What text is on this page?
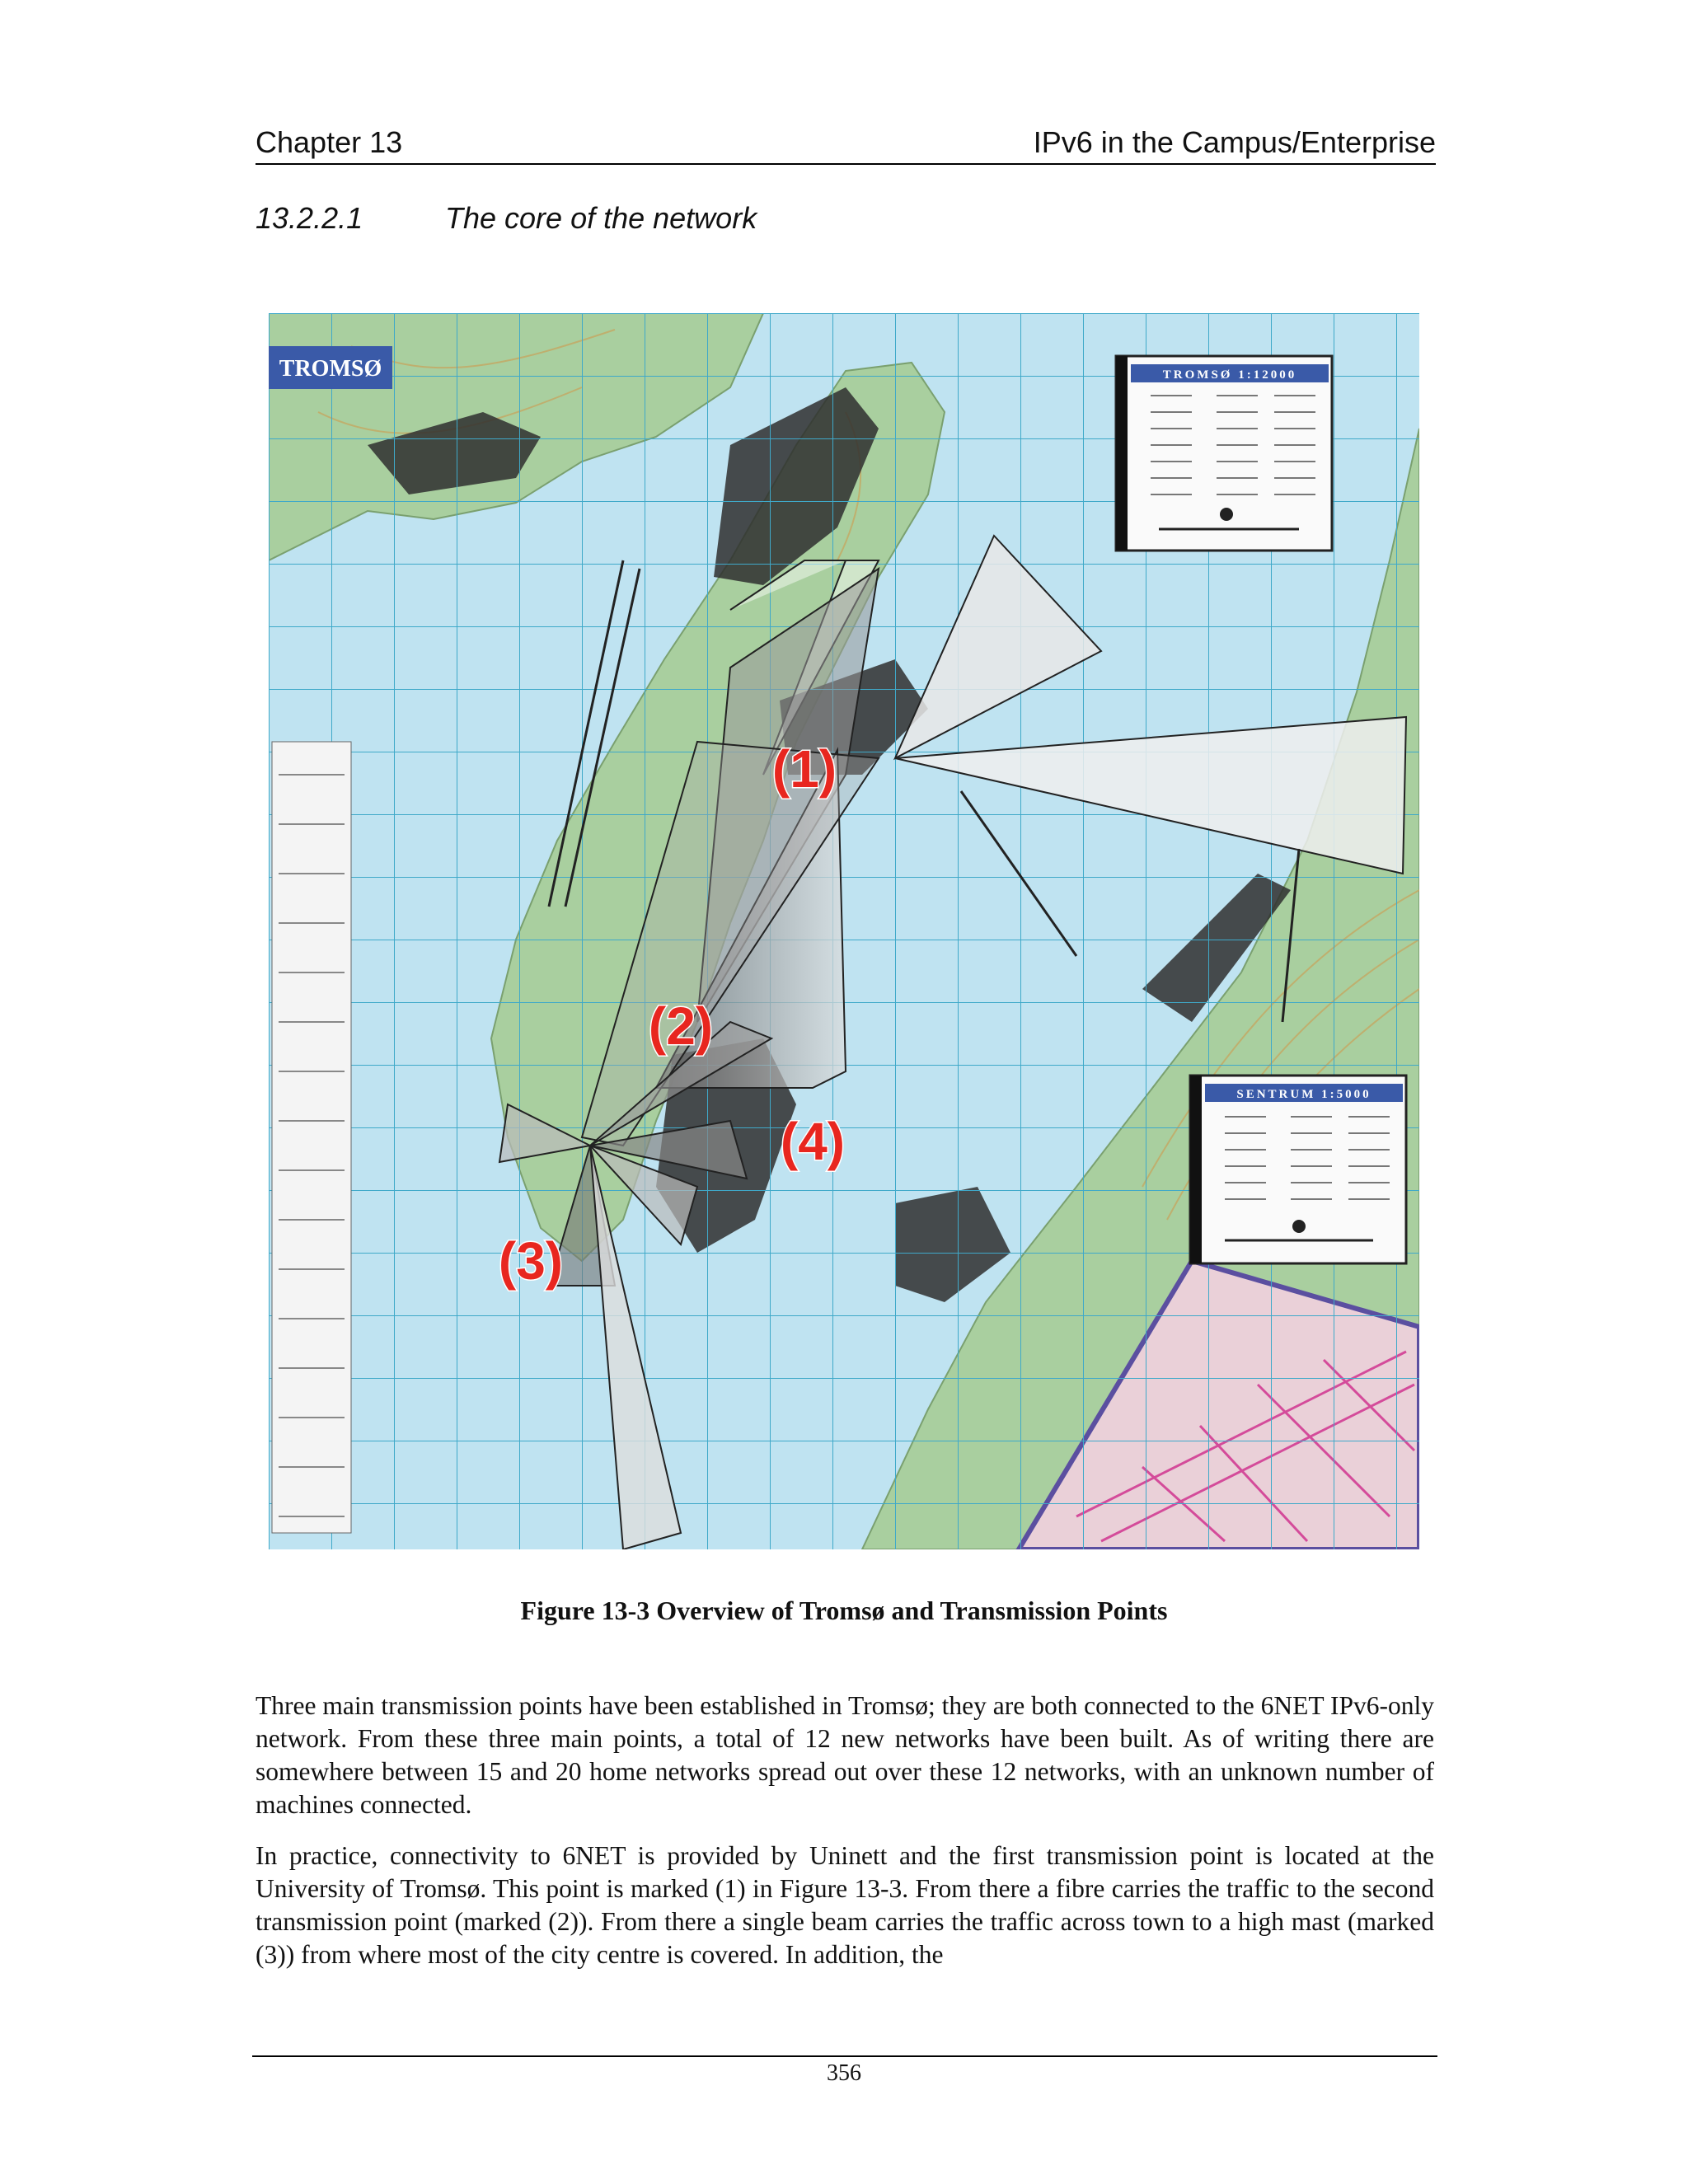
Chapter 13	IPv6 in the Campus/Enterprise
13.2.2.1	The core of the network
TROMSØ	TROMSØ 1:12000
SENTRUM 1:5000
(1)
(2)
(3)
(4)
Figure 13-3 Overview of Tromsø and Transmission Points

Three main transmission points have been established in Tromsø; they are both connected to the 6NET IPv6-only network. From these three main points, a total of 12 new networks have been built. As of writing there are somewhere between 15 and 20 home networks spread out over these 12 networks, with an unknown number of machines connected.

In practice, connectivity to 6NET is provided by Uninett and the first transmission point is located at the University of Tromsø. This point is marked (1) in Figure 13-3. From there a fibre carries the traffic to the second transmission point (marked (2)). From there a single beam carries the traffic across town to a high mast (marked (3)) from where most of the city centre is covered. In addition, the

356
